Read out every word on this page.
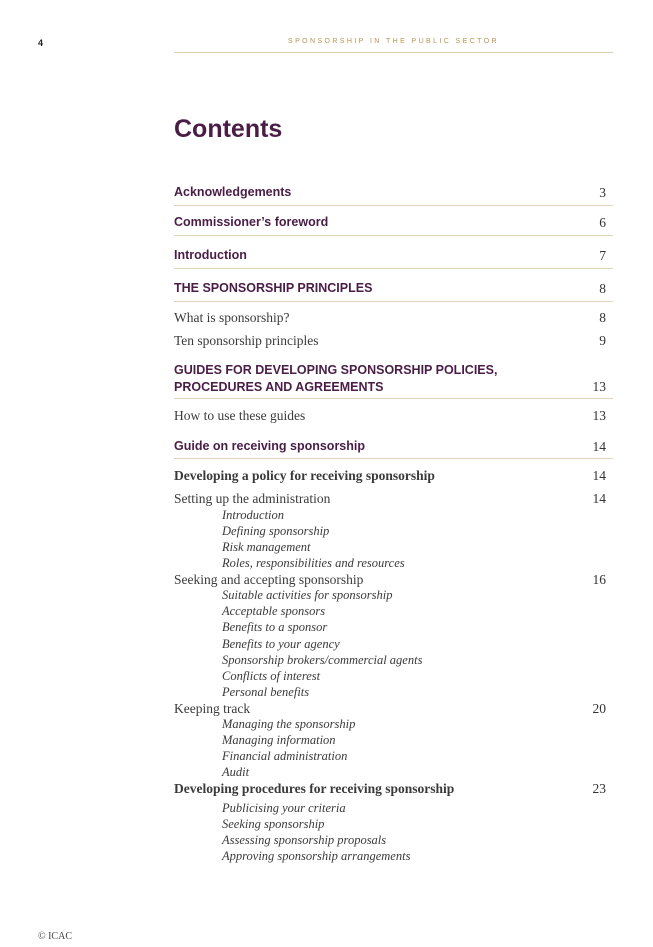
4	SPONSORSHIP IN THE PUBLIC SECTOR
Contents
Acknowledgements	3
Commissioner’s foreword	6
Introduction	7
THE SPONSORSHIP PRINCIPLES	8
What is sponsorship?	8
Ten sponsorship principles	9
GUIDES FOR DEVELOPING SPONSORSHIP POLICIES,
PROCEDURES AND AGREEMENTS	13
How to use these guides	13
Guide on receiving sponsorship	14
Developing a policy for receiving sponsorship	14
Setting up the administration	14
Introduction
Defining sponsorship
Risk management
Roles, responsibilities and resources
Seeking and accepting sponsorship	16
Suitable activities for sponsorship
Acceptable sponsors
Benefits to a sponsor
Benefits to your agency
Sponsorship brokers/commercial agents
Conflicts of interest
Personal benefits
Keeping track	20
Managing the sponsorship
Managing information
Financial administration
Audit
Developing procedures for receiving sponsorship	23
Publicising your criteria
Seeking sponsorship
Assessing sponsorship proposals
Approving sponsorship arrangements
© ICAC
